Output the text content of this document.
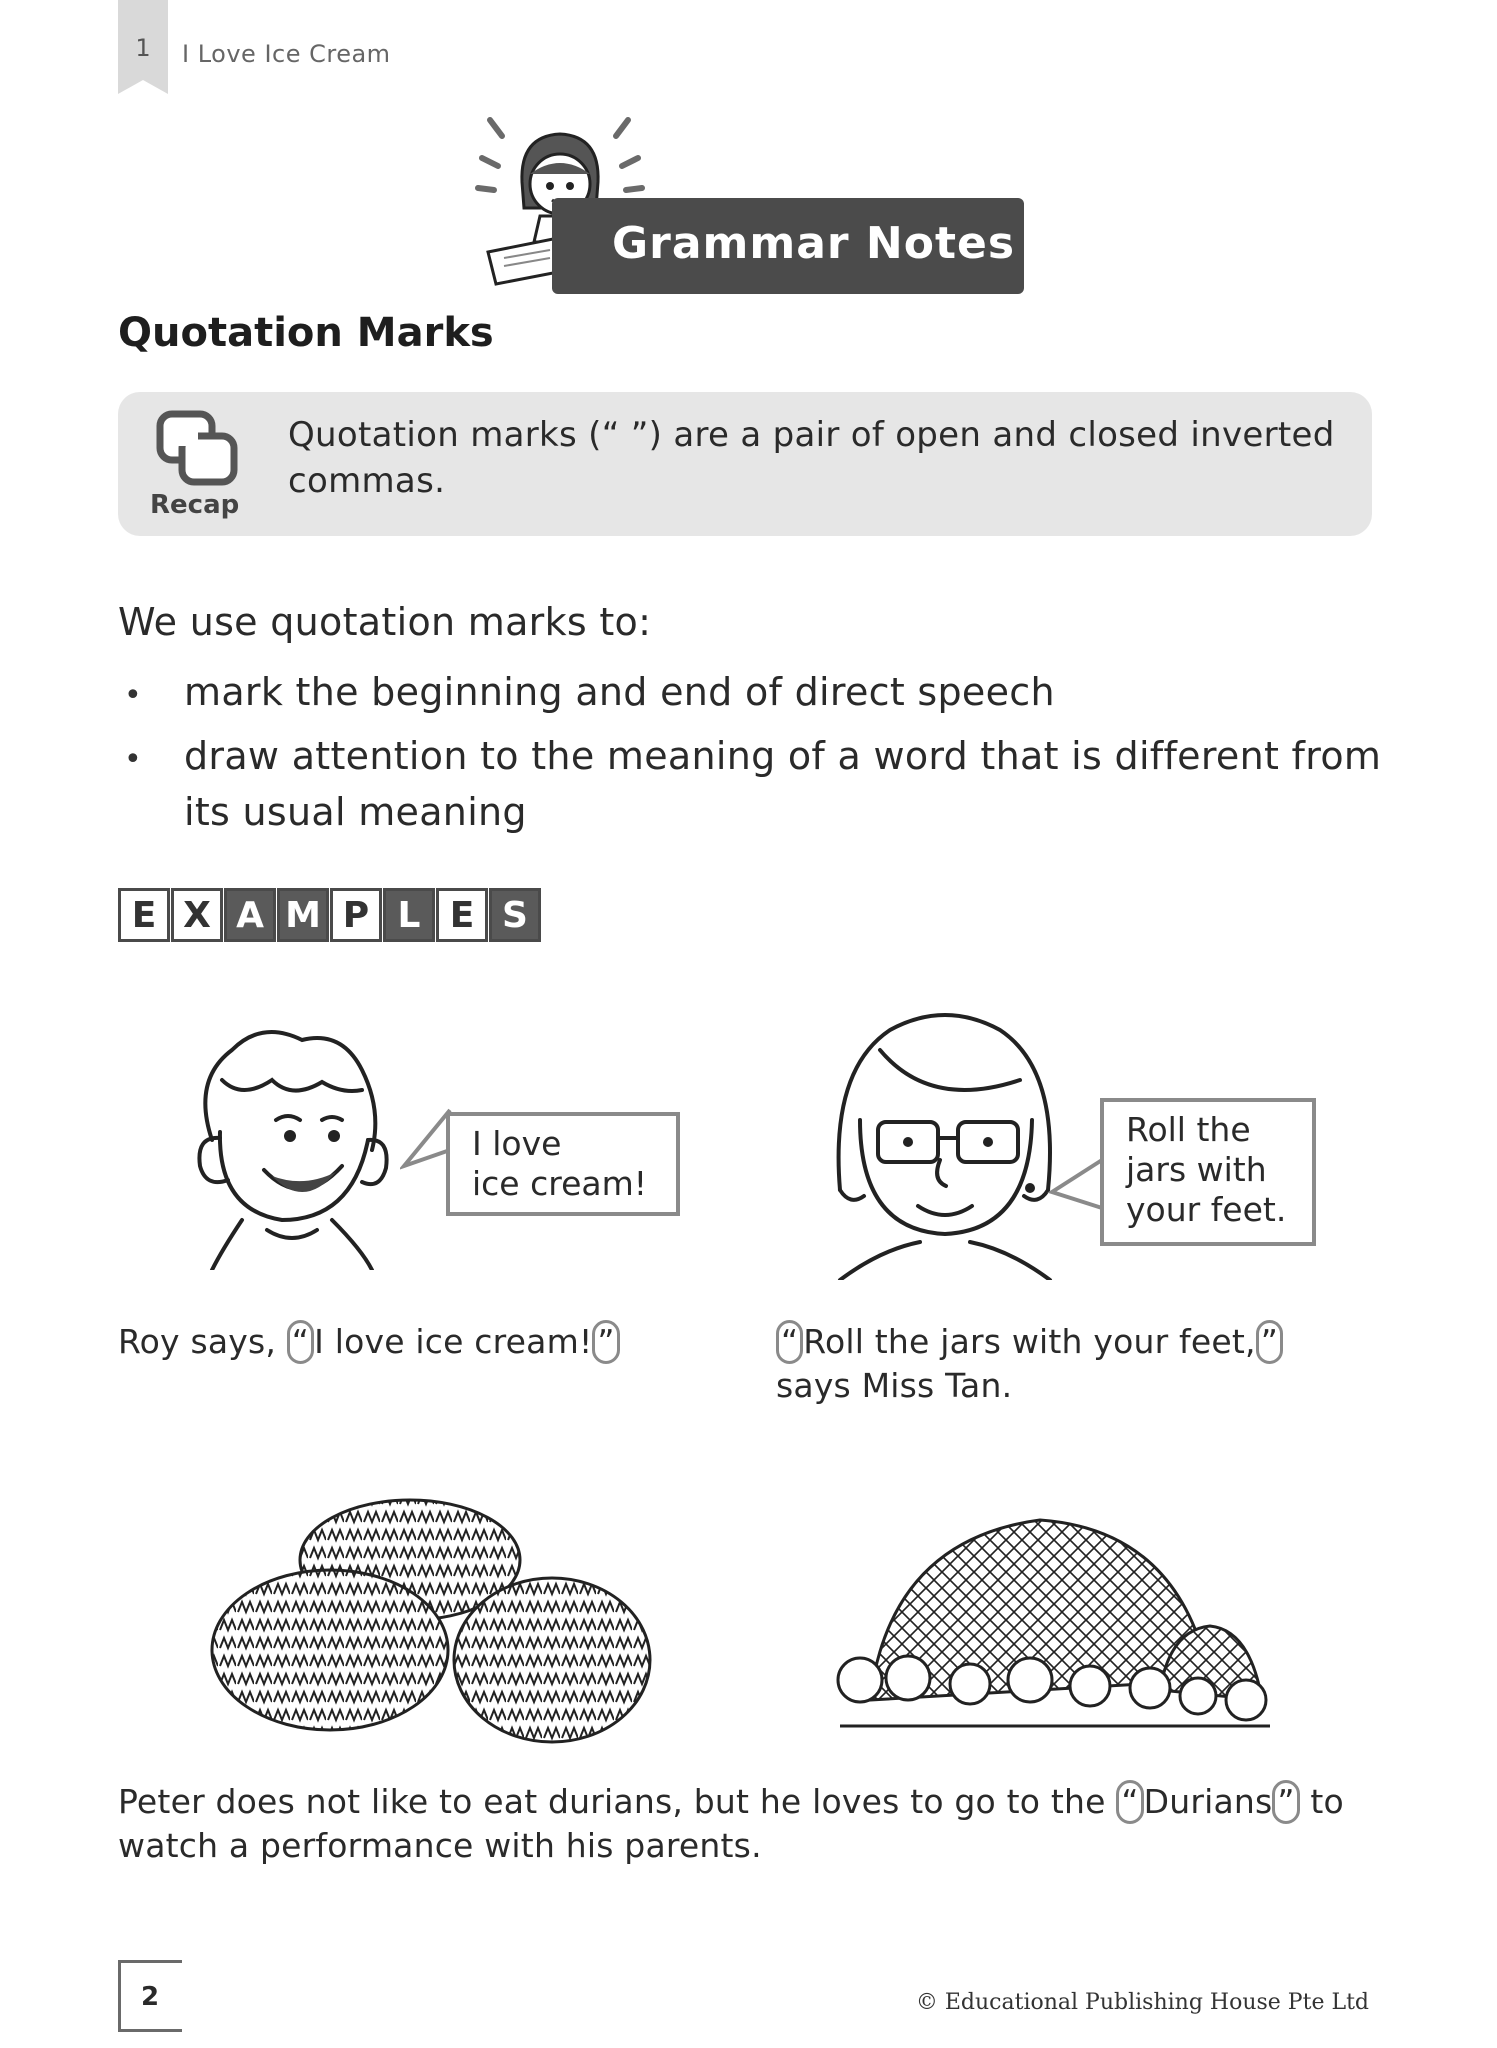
1	I Love Ice Cream
Grammar Notes
Quotation Marks
Recap
Quotation marks (“ ”) are a pair of open and closed inverted commas.
We use quotation marks to:
• mark the beginning and end of direct speech
• draw attention to the meaning of a word that is different from its usual meaning
E X A M P L E S
I love
ice cream!
Roll the
jars with
your feet.
Roy says, “ I love ice cream! ”	“ Roll the jars with your feet, ”
says Miss Tan.
Peter does not like to eat durians, but he loves to go to the “ Durians ” to
watch a performance with his parents.
2	© Educational Publishing House Pte Ltd
